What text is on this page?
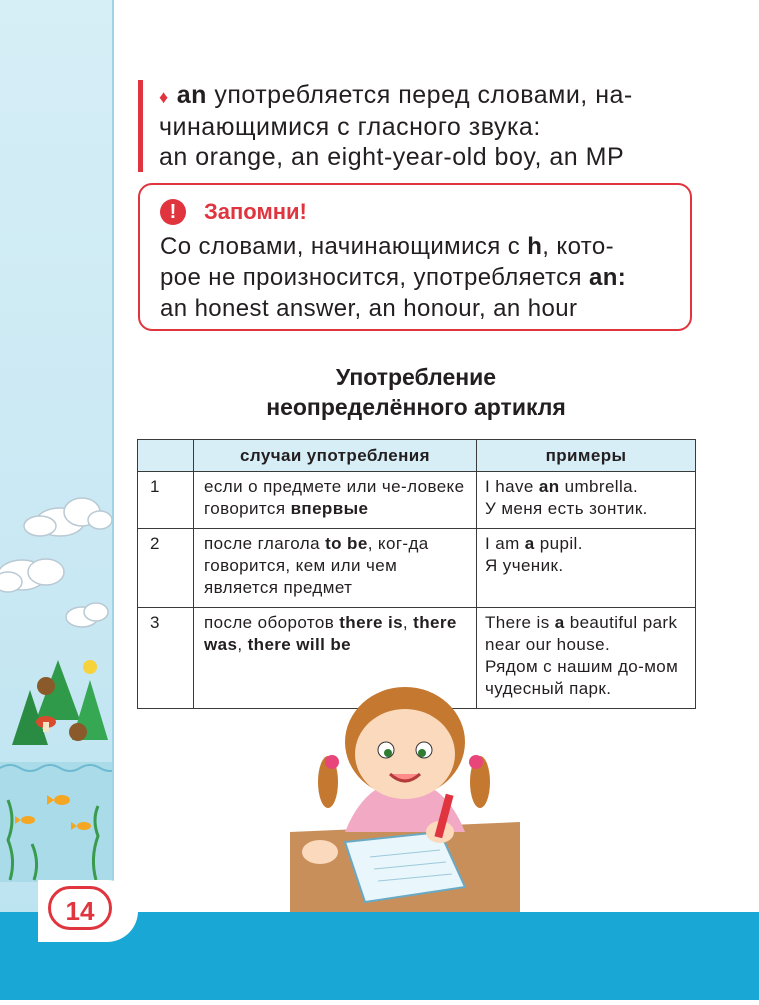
14
♦ an употребляется перед словами, на-
чинающимися с гласного звука:
an orange, an eight-year-old boy, an MP
!	Запомни!
Со словами, начинающимися с h, кото-
рое не произносится, употребляется an:
an honest answer, an honour, an hour
Употребление
неопределённого артикля
	случаи употребления	примеры
1	если о предмете или че-ловеке говорится впервые	I have an umbrella.
У меня есть зонтик.

2	после глагола to be, ког-да говорится, кем или чем является предмет	I am a pupil.
Я ученик.

3	после оборотов there is, there was, there will be	There is a beautiful park near our house.
Рядом с нашим до-мом чудесный парк.
